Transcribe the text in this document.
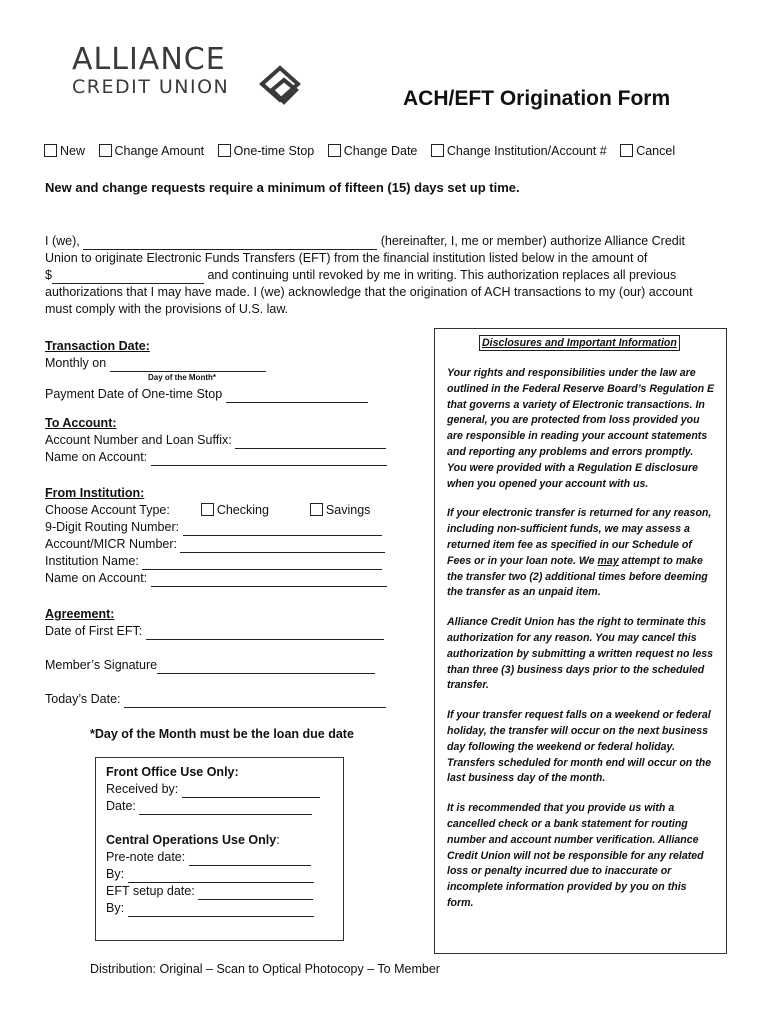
ALLIANCE
CREDIT UNION	ACH/EFT Origination Form
New Change Amount One-time Stop Change Date Change Institution/Account # Cancel
New and change requests require a minimum of fifteen (15) days set up time.
I (we),	(hereinafter, I, me or member) authorize Alliance Credit
Union to originate Electronic Funds Transfers (EFT) from the financial institution listed below in the amount of
$	and continuing until revoked by me in writing. This authorization replaces all previous
authorizations that I may have made. I (we) acknowledge that the origination of ACH transactions to my (our) account
must comply with the provisions of U.S. law.
Transaction Date:
Monthly on
Day of the Month*
Payment Date of One-time Stop
To Account:
Account Number and Loan Suffix:
Name on Account:
From Institution:
Choose Account Type:	Checking	Savings
9-Digit Routing Number:
Account/MICR Number:
Institution Name:
Name on Account:
Agreement:
Date of First EFT:
Member’s Signature
Today’s Date:
*Day of the Month must be the loan due date
Front Office Use Only:
Received by:
Date:
Central Operations Use Only:
Pre-note date:
By:
EFT setup date:
By:
Distribution: Original – Scan to Optical Photocopy – To Member
Disclosures and Important Information

Your rights and responsibilities under the law are outlined in the Federal Reserve Board’s Regulation E that governs a variety of Electronic transactions. In general, you are protected from loss provided you are responsible in reading your account statements and reporting any problems and errors promptly. You were provided with a Regulation E disclosure when you opened your account with us.

If your electronic transfer is returned for any reason, including non-sufficient funds, we may assess a returned item fee as specified in our Schedule of Fees or in your loan note. We may attempt to make the transfer two (2) additional times before deeming the transfer as an unpaid item.

Alliance Credit Union has the right to terminate this authorization for any reason. You may cancel this authorization by submitting a written request no less than three (3) business days prior to the scheduled transfer.

If your transfer request falls on a weekend or federal holiday, the transfer will occur on the next business day following the weekend or federal holiday. Transfers scheduled for month end will occur on the last business day of the month.

It is recommended that you provide us with a cancelled check or a bank statement for routing number and account number verification. Alliance Credit Union will not be responsible for any related loss or penalty incurred due to inaccurate or incomplete information provided by you on this form.
